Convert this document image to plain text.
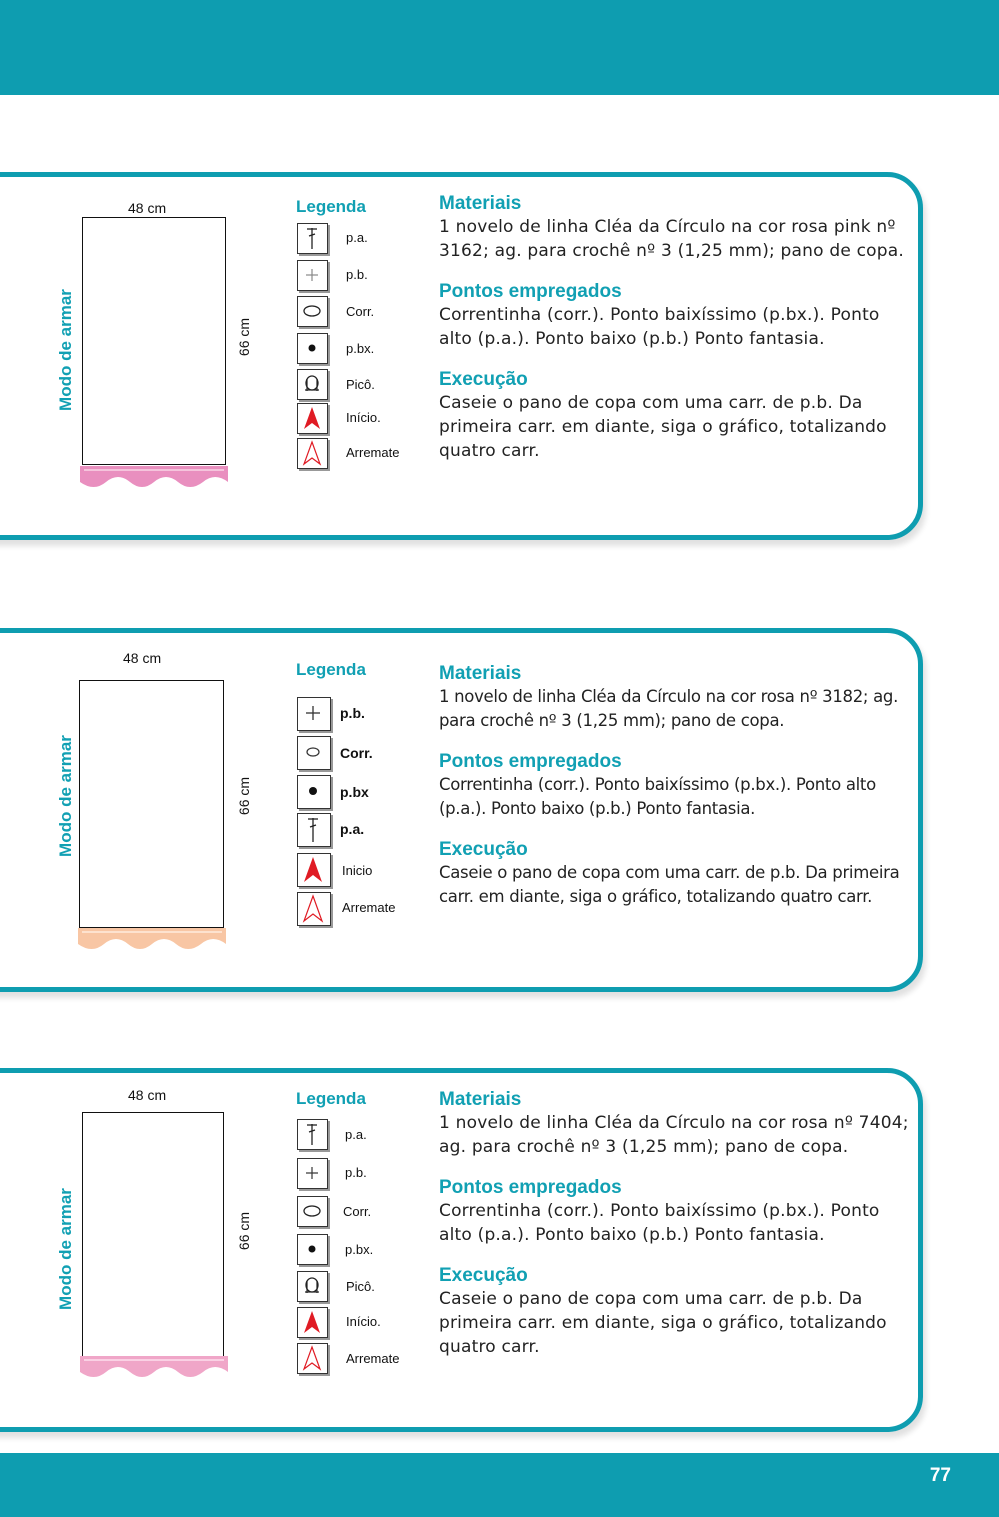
Modo de armar
48 cm
66 cm
Legenda
p.a.
p.b.
Corr.
p.bx.
Picô.
Início.
Arremate

Materiais

1 novelo de linha Cléa da Círculo na cor rosa pink nº 3162; ag. para crochê nº 3 (1,25 mm); pano de copa.

Pontos empregados

Correntinha (corr.). Ponto baixíssimo (p.bx.). Ponto alto (p.a.). Ponto baixo (p.b.) Ponto fantasia.

Execução

Caseie o pano de copa com uma carr. de p.b. Da primeira carr. em diante, siga o gráfico, totalizando quatro carr.

Modo de armar
48 cm
66 cm
Legenda
p.b.
Corr.
p.bx
p.a.
Inicio
Arremate

Materiais

1 novelo de linha Cléa da Círculo na cor rosa nº 3182; ag. para crochê nº 3 (1,25 mm); pano de copa.

Pontos empregados

Correntinha (corr.). Ponto baixíssimo (p.bx.). Ponto alto (p.a.). Ponto baixo (p.b.) Ponto fantasia.

Execução

Caseie o pano de copa com uma carr. de p.b. Da primeira carr. em diante, siga o gráfico, totalizando quatro carr.

Modo de armar
48 cm
66 cm
Legenda
p.a.
p.b.
Corr.
p.bx.
Picô.
Início.
Arremate

Materiais

1 novelo de linha Cléa da Círculo na cor rosa nº 7404; ag. para crochê nº 3 (1,25 mm); pano de copa.

Pontos empregados

Correntinha (corr.). Ponto baixíssimo (p.bx.). Ponto alto (p.a.). Ponto baixo (p.b.) Ponto fantasia.

Execução

Caseie o pano de copa com uma carr. de p.b. Da primeira carr. em diante, siga o gráfico, totalizando quatro carr.

77
